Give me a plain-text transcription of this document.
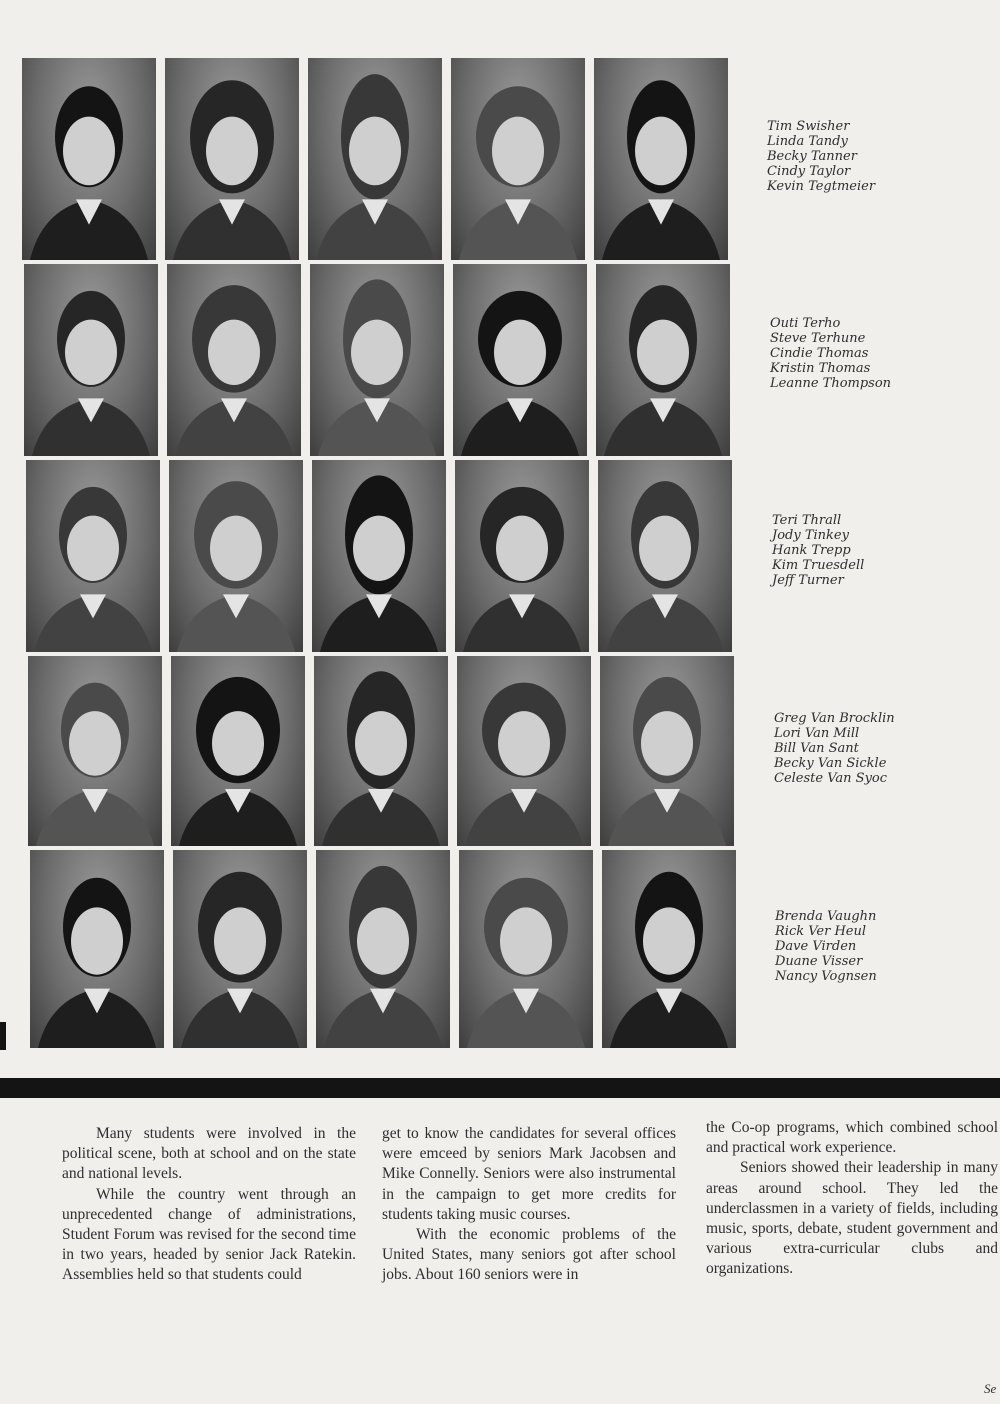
Tim Swisher
Linda Tandy
Becky Tanner
Cindy Taylor
Kevin Tegtmeier
Outi Terho
Steve Terhune
Cindie Thomas
Kristin Thomas
Leanne Thompson
Teri Thrall
Jody Tinkey
Hank Trepp
Kim Truesdell
Jeff Turner
Greg Van Brocklin
Lori Van Mill
Bill Van Sant
Becky Van Sickle
Celeste Van Syoc
Brenda Vaughn
Rick Ver Heul
Dave Virden
Duane Visser
Nancy Vognsen

Many students were involved in the political scene, both at school and on the state and national levels.

While the country went through an unprecedented change of administrations, Student Forum was revised for the second time in two years, headed by senior Jack Ratekin. Assemblies held so that students could

get to know the candidates for several offices were emceed by seniors Mark Jacobsen and Mike Connelly. Seniors were also instrumental in the campaign to get more credits for students taking music courses.

With the economic problems of the United States, many seniors got after school jobs. About 160 seniors were in

the Co-op programs, which combined school and practical work experience.

Seniors showed their leadership in many areas around school. They led the underclassmen in a variety of fields, including music, sports, debate, student government and various extra-curricular clubs and organizations.

Se
